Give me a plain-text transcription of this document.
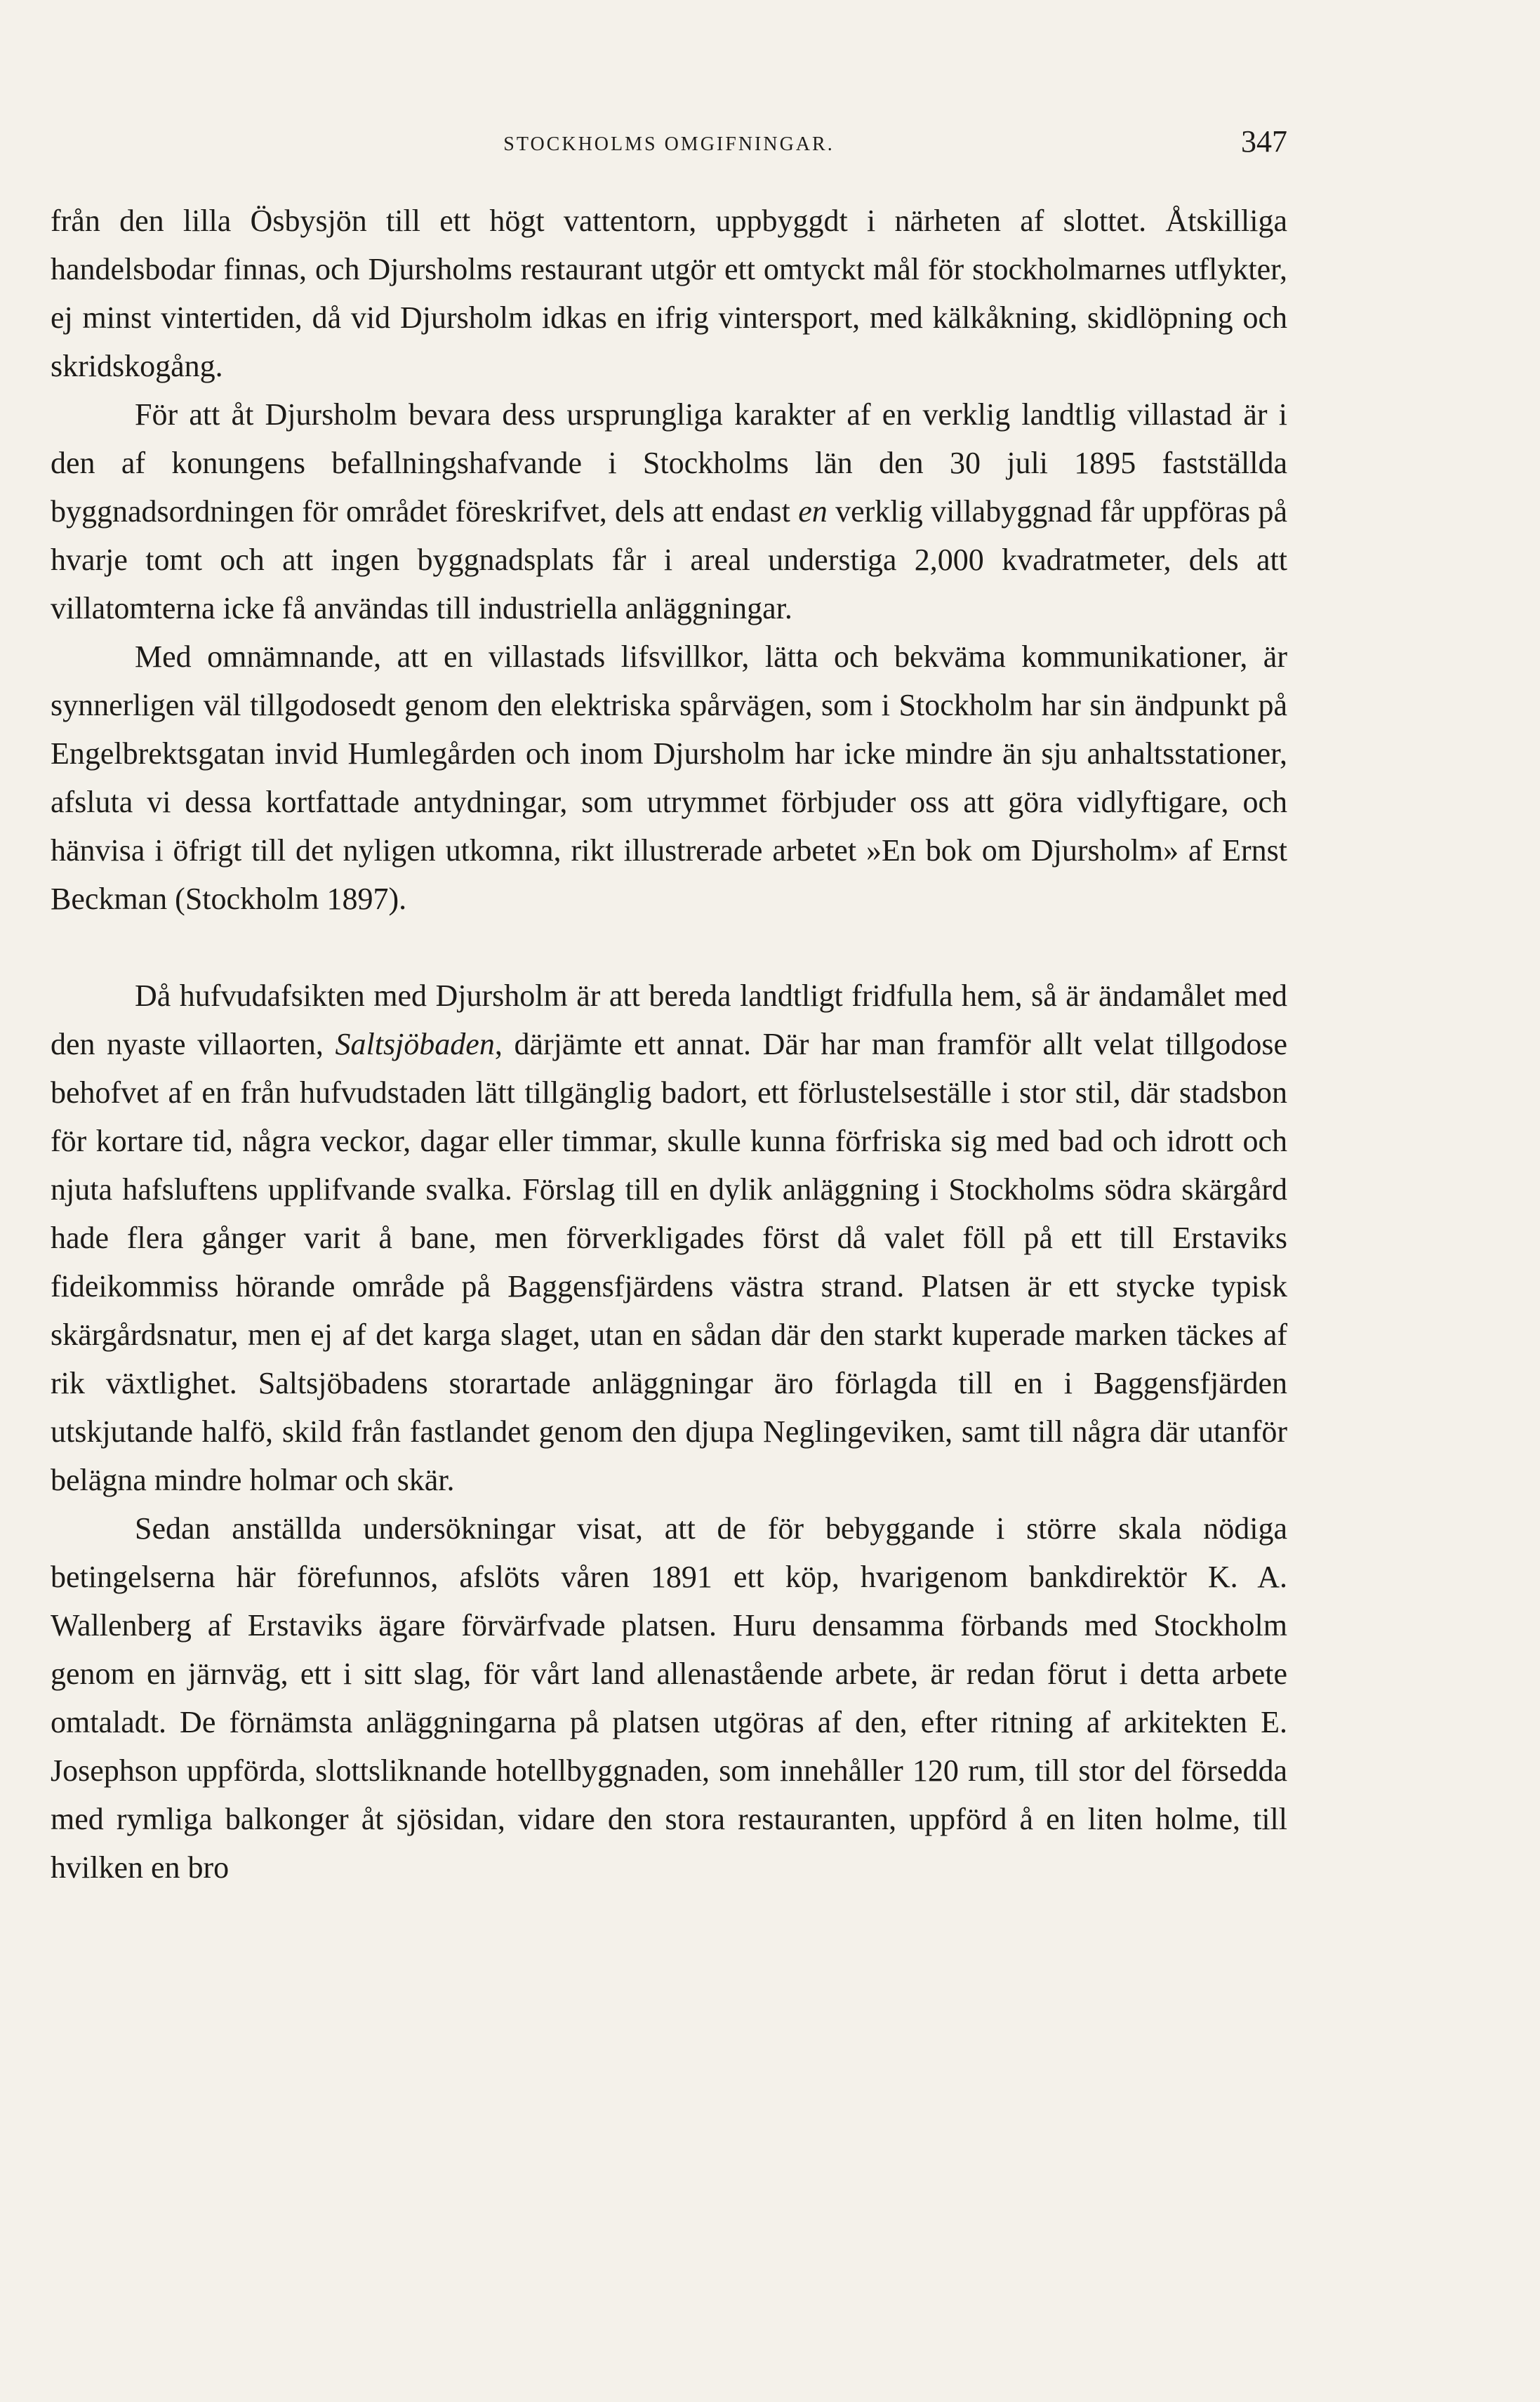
STOCKHOLMS OMGIFNINGAR.	347

från den lilla Ösbysjön till ett högt vattentorn, uppbyggdt i närheten af slottet. Åtskilliga handelsbodar finnas, och Djursholms restaurant utgör ett omtyckt mål för stockholmarnes utflykter, ej minst vintertiden, då vid Djursholm idkas en ifrig vintersport, med kälkåkning, skidlöpning och skridskogång.

För att åt Djursholm bevara dess ursprungliga karakter af en verklig landtlig villastad är i den af konungens befallningshafvande i Stockholms län den 30 juli 1895 fastställda byggnadsordningen för området föreskrifvet, dels att endast en verklig villabyggnad får uppföras på hvarje tomt och att ingen byggnadsplats får i areal understiga 2,000 kvadratmeter, dels att villatomterna icke få användas till industriella anläggningar.

Med omnämnande, att en villastads lifsvillkor, lätta och bekväma kommunikationer, är synnerligen väl tillgodosedt genom den elektriska spårvägen, som i Stockholm har sin ändpunkt på Engelbrektsgatan invid Humlegården och inom Djursholm har icke mindre än sju anhaltsstationer, afsluta vi dessa kortfattade antydningar, som utrymmet förbjuder oss att göra vidlyftigare, och hänvisa i öfrigt till det nyligen utkomna, rikt illustrerade arbetet »En bok om Djursholm» af Ernst Beckman (Stockholm 1897).

Då hufvudafsikten med Djursholm är att bereda landtligt fridfulla hem, så är ändamålet med den nyaste villaorten, Saltsjöbaden, därjämte ett annat. Där har man framför allt velat tillgodose behofvet af en från hufvudstaden lätt tillgänglig badort, ett förlustelseställe i stor stil, där stadsbon för kortare tid, några veckor, dagar eller timmar, skulle kunna förfriska sig med bad och idrott och njuta hafsluftens upplifvande svalka. Förslag till en dylik anläggning i Stockholms södra skärgård hade flera gånger varit å bane, men förverkligades först då valet föll på ett till Erstaviks fideikommiss hörande område på Baggensfjärdens västra strand. Platsen är ett stycke typisk skärgårdsnatur, men ej af det karga slaget, utan en sådan där den starkt kuperade marken täckes af rik växtlighet. Saltsjöbadens storartade anläggningar äro förlagda till en i Baggensfjärden utskjutande halfö, skild från fastlandet genom den djupa Neglingeviken, samt till några där utanför belägna mindre holmar och skär.

Sedan anställda undersökningar visat, att de för bebyggande i större skala nödiga betingelserna här förefunnos, afslöts våren 1891 ett köp, hvarigenom bankdirektör K. A. Wallenberg af Erstaviks ägare förvärfvade platsen. Huru densamma förbands med Stockholm genom en järnväg, ett i sitt slag, för vårt land allenastående arbete, är redan förut i detta arbete omtaladt. De förnämsta anläggningarna på platsen utgöras af den, efter ritning af arkitekten E. Josephson uppförda, slottsliknande hotellbyggnaden, som innehåller 120 rum, till stor del försedda med rymliga balkonger åt sjösidan, vidare den stora restauranten, uppförd å en liten holme, till hvilken en bro
